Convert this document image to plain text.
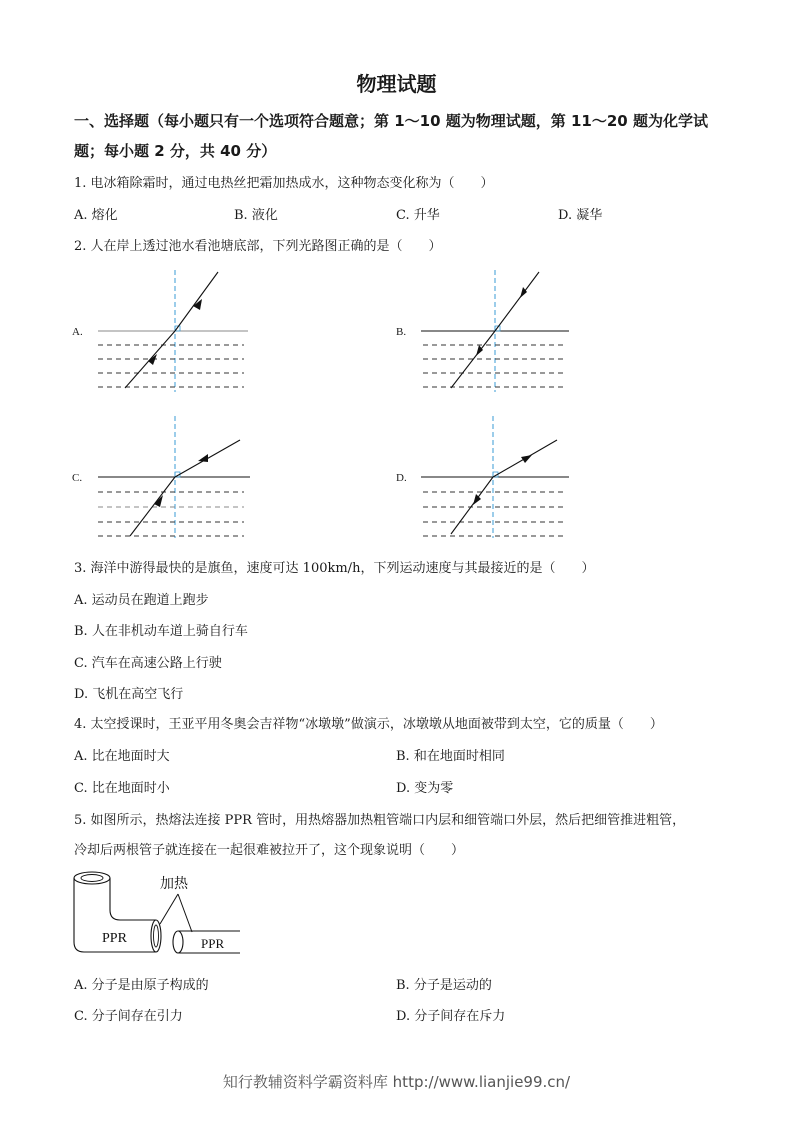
物理试题
一、选择题（每小题只有一个选项符合题意；第 1～10 题为物理试题，第 11～20 题为化学试
题；每小题 2 分，共 40 分）
1. 电冰箱除霜时，通过电热丝把霜加热成水，这种物态变化称为（　　）
A. 熔化	B. 液化	C. 升华	D. 凝华
2. 人在岸上透过池水看池塘底部，下列光路图正确的是（　　）
A.	B.
C.	D.
3. 海洋中游得最快的是旗鱼，速度可达 100km/h，下列运动速度与其最接近的是（　　）
A. 运动员在跑道上跑步
B. 人在非机动车道上骑自行车
C. 汽车在高速公路上行驶
D. 飞机在高空飞行
4. 太空授课时，王亚平用冬奥会吉祥物“冰墩墩”做演示，冰墩墩从地面被带到太空，它的质量（　　）
A. 比在地面时大	B. 和在地面时相同
C. 比在地面时小	D. 变为零
5. 如图所示，热熔法连接 PPR 管时，用热熔器加热粗管端口内层和细管端口外层，然后把细管推进粗管，
冷却后两根管子就连接在一起很难被拉开了，这个现象说明（　　）
PPR	PPR
加热
A. 分子是由原子构成的	B. 分子是运动的
C. 分子间存在引力	D. 分子间存在斥力
知行教辅资料学霸资料库 http://www.lianjie99.cn/
